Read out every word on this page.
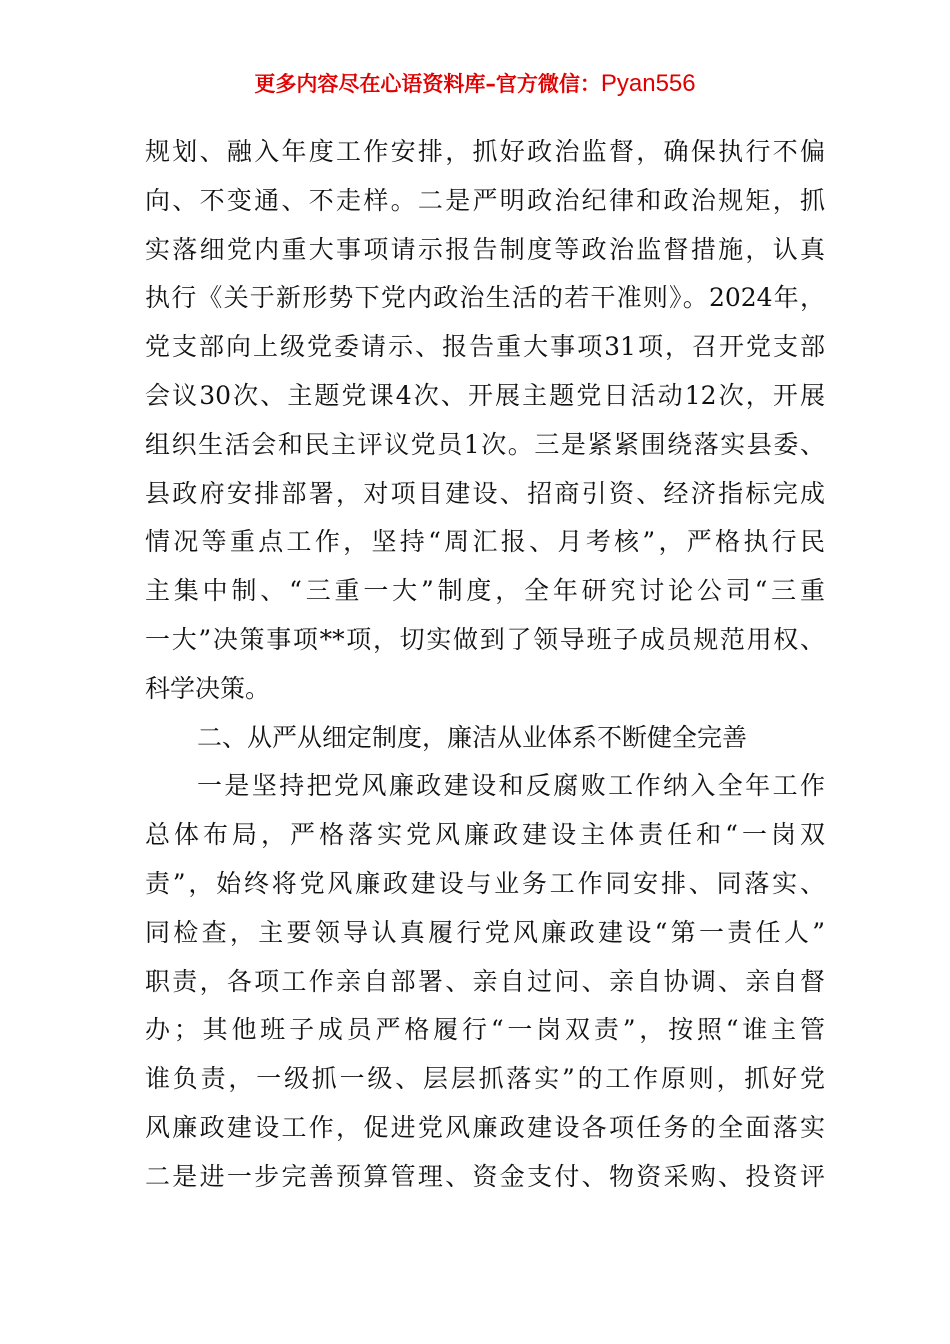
更多内容尽在心语资料库–官方微信：Pyan556
规划、融入年度工作安排，抓好政治监督，确保执行不偏
向、不变通、不走样。二是严明政治纪律和政治规矩，抓
实落细党内重大事项请示报告制度等政治监督措施，认真
执行《关于新形势下党内政治生活的若干准则》。2024年，
党支部向上级党委请示、报告重大事项31项，召开党支部
会议30次、主题党课4次、开展主题党日活动12次，开展
组织生活会和民主评议党员1次。三是紧紧围绕落实县委、
县政府安排部署，对项目建设、招商引资、经济指标完成
情况等重点工作，坚持“周汇报、月考核”，严格执行民
主集中制、“三重一大”制度，全年研究讨论公司“三重
一大”决策事项**项，切实做到了领导班子成员规范用权、
科学决策。
二、从严从细定制度，廉洁从业体系不断健全完善
一是坚持把党风廉政建设和反腐败工作纳入全年工作
总体布局，严格落实党风廉政建设主体责任和“一岗双
责”，始终将党风廉政建设与业务工作同安排、同落实、
同检查，主要领导认真履行党风廉政建设“第一责任人”
职责，各项工作亲自部署、亲自过问、亲自协调、亲自督
办；其他班子成员严格履行“一岗双责”，按照“谁主管
谁负责，一级抓一级、层层抓落实”的工作原则，抓好党
风廉政建设工作，促进党风廉政建设各项任务的全面落实
二是进一步完善预算管理、资金支付、物资采购、投资评
